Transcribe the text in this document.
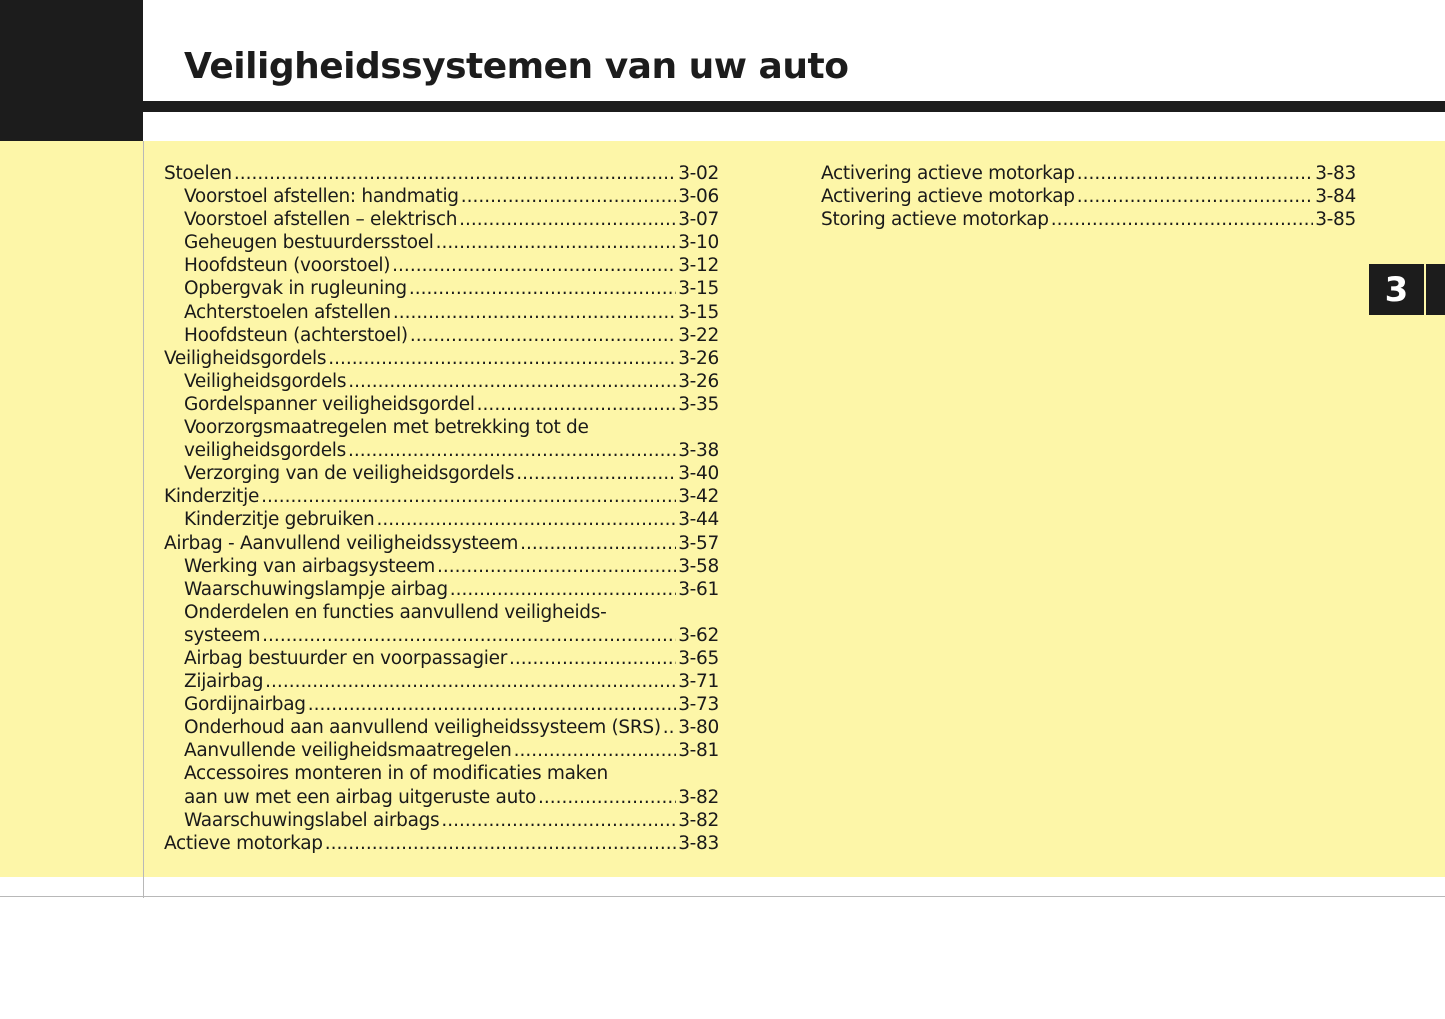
Veiligheidssystemen van uw auto
Stoelen .....	3-02
Voorstoel afstellen: handmatig .....	3-06
Voorstoel afstellen – elektrisch .....	3-07
Geheugen bestuurdersstoel .....	3-10
Hoofdsteun (voorstoel) .....	3-12
Opbergvak in rugleuning .....	3-15
Achterstoelen afstellen .....	3-15
Hoofdsteun (achterstoel) .....	3-22
Veiligheidsgordels .....	3-26
Veiligheidsgordels .....	3-26
Gordelspanner veiligheidsgordel .....	3-35
Voorzorgsmaatregelen met betrekking tot de
veiligheidsgordels .....	3-38
Verzorging van de veiligheidsgordels .....	3-40
Kinderzitje .....	3-42
Kinderzitje gebruiken .....	3-44
Airbag - Aanvullend veiligheidssysteem .....	3-57
Werking van airbagsysteem .....	3-58
Waarschuwingslampje airbag .....	3-61
Onderdelen en functies aanvullend veiligheids-
systeem .....	3-62
Airbag bestuurder en voorpassagier .....	3-65
Zijairbag .....	3-71
Gordijnairbag .....	3-73
Onderhoud aan aanvullend veiligheidssysteem (SRS) ..... 3-80
Aanvullende veiligheidsmaatregelen .....	3-81
Accessoires monteren in of modificaties maken
aan uw met een airbag uitgeruste auto .....	3-82
Waarschuwingslabel airbags .....	3-82
Actieve motorkap .....	3-83
Activering actieve motorkap .....	3-83
Activering actieve motorkap .....	3-84
Storing actieve motorkap .....	3-85
3
